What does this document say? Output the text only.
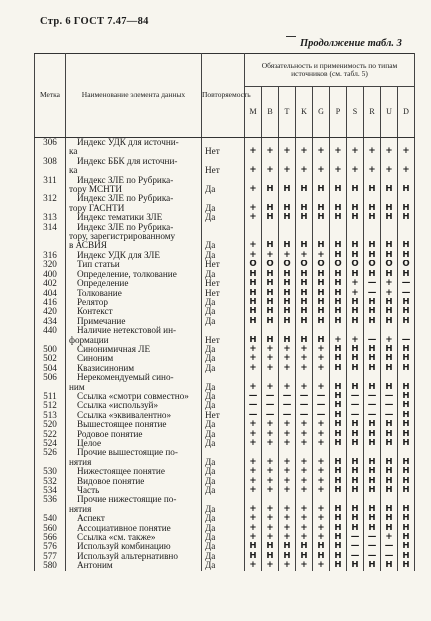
Стр. 6 ГОСТ 7.47—84
Продолжение табл. 3
Метка	Наименование элемента данных	Повторяемость	Обязательность и применимость по типам источников (см. табл. 5)									
			M	B	T	K	G	P	S	R	U	D
306	Индекс УДК для источни-											
	ка	Нет	+	+	+	+	+	+	+	+	+	+
308	Индекс ББК для источни-											
	ка	Нет	+	+	+	+	+	+	+	+	+	+
311	Индекс ЗЛЕ по Рубрика-											
	тору МСНТИ	Да	+	Н	Н	Н	Н	Н	Н	Н	Н	Н
312	Индекс ЗЛЕ по Рубрика-											
	тору ГАСНТИ	Да	+	Н	Н	Н	Н	Н	Н	Н	Н	Н
313	Индекс тематики ЗЛЕ	Да	+	Н	Н	Н	Н	Н	Н	Н	Н	Н
314	Индекс ЗЛЕ по Рубрика-											
	тору, зарегистрированному											
	в АСВИЯ	Да	+	Н	Н	Н	Н	Н	Н	Н	Н	Н
316	Индекс УДК для ЗЛЕ	Да	+	+	+	+	+	Н	Н	Н	Н	Н
320	Тип статьи	Нет	О	О	О	О	О	О	О	О	О	О
400	Определение, толкование	Да	Н	Н	Н	Н	Н	Н	Н	Н	Н	Н
402	Определение	Нет	Н	Н	Н	Н	Н	Н	+	—	+	—
404	Толкование	Нет	Н	Н	Н	Н	Н	Н	+	—	+	—
416	Релятор	Да	Н	Н	Н	Н	Н	Н	Н	Н	Н	Н
420	Контекст	Да	Н	Н	Н	Н	Н	Н	Н	Н	Н	Н
434	Примечание	Да	Н	Н	Н	Н	Н	Н	Н	Н	Н	Н
440	Наличие нетекстовой ин-											
	формации	Нет	Н	Н	Н	Н	Н	+	+	—	+	—
500	Синонимичная ЛЕ	Да	+	+	+	+	+	Н	Н	Н	Н	Н
502	Синоним	Да	+	+	+	+	+	Н	Н	Н	Н	Н
504	Квазисиноним	Да	+	+	+	+	+	Н	Н	Н	Н	Н
506	Нерекомендуемый сино-											
	ним	Да	+	+	+	+	+	Н	Н	Н	Н	Н
511	Ссылка «смотри совместно»	Да	—	—	—	—	—	Н	—	—	—	Н
512	Ссылка «используй»	Да	—	—	—	—	—	Н	—	—	—	Н
513	Ссылка «эквивалентно»	Нет	—	—	—	—	—	Н	—	—	—	Н
520	Вышестоящее понятие	Да	+	+	+	+	+	Н	Н	Н	Н	Н
522	Родовое понятие	Да	+	+	+	+	+	Н	Н	Н	Н	Н
524	Целое	Да	+	+	+	+	+	Н	Н	Н	Н	Н
526	Прочие вышестоящие по-											
	нятия	Да	+	+	+	+	+	Н	Н	Н	Н	Н
530	Нижестоящее понятие	Да	+	+	+	+	+	Н	Н	Н	Н	Н
532	Видовое понятие	Да	+	+	+	+	+	Н	Н	Н	Н	Н
534	Часть	Да	+	+	+	+	+	Н	Н	Н	Н	Н
536	Прочие нижестоящие по-											
	нятия	Да	+	+	+	+	+	Н	Н	Н	Н	Н
540	Аспект	Да	+	+	+	+	+	Н	Н	Н	Н	Н
560	Ассоциативное понятие	Да	+	+	+	+	+	Н	Н	Н	Н	Н
566	Ссылка «см. также»	Да	+	+	+	+	+	Н	—	—	+	Н
576	Используй комбинацию	Да	Н	Н	Н	Н	Н	Н	—	—	—	Н
577	Используй альтернативно	Да	Н	Н	Н	Н	Н	Н	—	—	—	Н
580	Антоним	Да	+	+	+	+	+	Н	Н	Н	Н	Н
